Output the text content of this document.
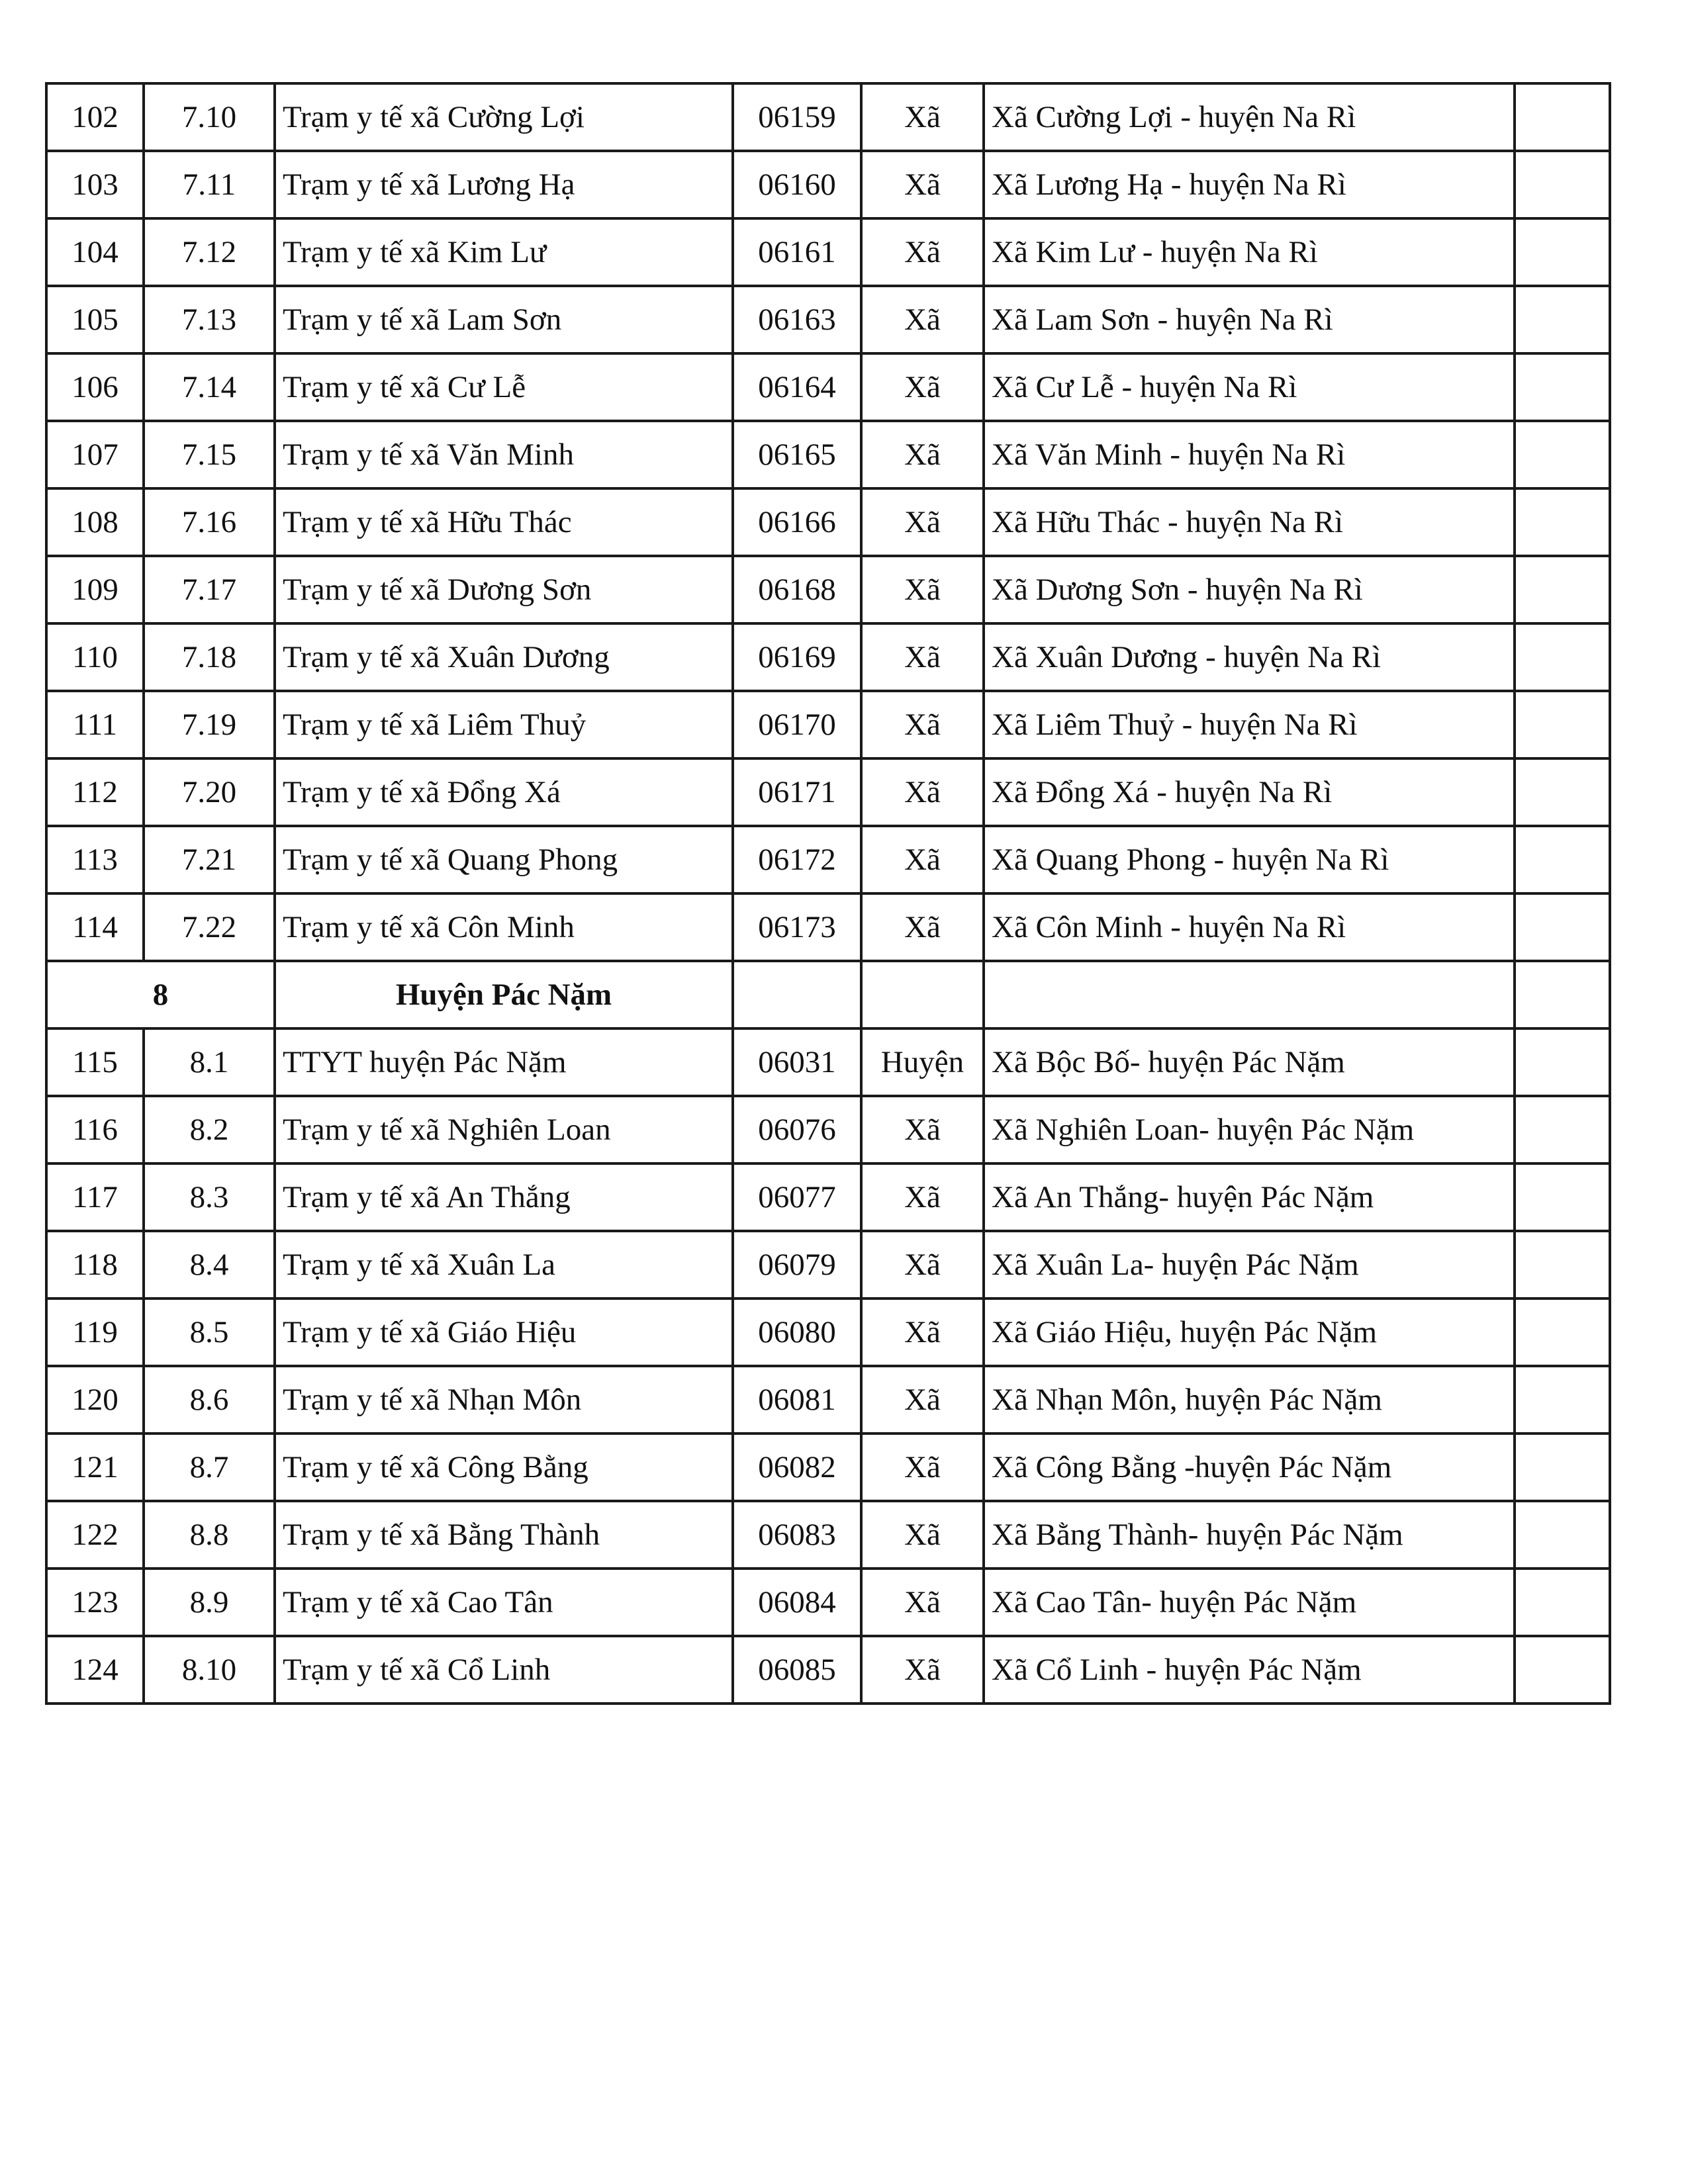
102	7.10	Trạm y tế xã Cường Lợi	06159	Xã	Xã Cường Lợi - huyện Na Rì	
103	7.11	Trạm y tế xã Lương Hạ	06160	Xã	Xã Lương Hạ - huyện Na Rì	
104	7.12	Trạm y tế xã Kim Lư	06161	Xã	Xã Kim Lư - huyện Na Rì	
105	7.13	Trạm y tế xã Lam Sơn	06163	Xã	Xã Lam Sơn - huyện Na Rì	
106	7.14	Trạm y tế xã Cư Lễ	06164	Xã	Xã Cư Lễ - huyện Na Rì	
107	7.15	Trạm y tế xã Văn Minh	06165	Xã	Xã Văn Minh - huyện Na Rì	
108	7.16	Trạm y tế xã Hữu Thác	06166	Xã	Xã Hữu Thác - huyện Na Rì	
109	7.17	Trạm y tế xã Dương Sơn	06168	Xã	Xã Dương Sơn - huyện Na Rì	
110	7.18	Trạm y tế xã Xuân Dương	06169	Xã	Xã Xuân Dương - huyện Na Rì	
111	7.19	Trạm y tế xã Liêm Thuỷ	06170	Xã	Xã Liêm Thuỷ - huyện Na Rì	
112	7.20	Trạm y tế xã Đổng Xá	06171	Xã	Xã Đổng Xá - huyện Na Rì	
113	7.21	Trạm y tế xã Quang Phong	06172	Xã	Xã Quang Phong - huyện Na Rì	
114	7.22	Trạm y tế xã Côn Minh	06173	Xã	Xã Côn Minh - huyện Na Rì	
8		Huyện Pác Nặm				
115	8.1	TTYT huyện Pác Nặm	06031	Huyện	Xã Bộc Bố- huyện Pác Nặm	
116	8.2	Trạm y tế xã Nghiên Loan	06076	Xã	Xã Nghiên Loan- huyện Pác Nặm	
117	8.3	Trạm y tế xã An Thắng	06077	Xã	Xã An Thắng- huyện Pác Nặm	
118	8.4	Trạm y tế xã Xuân La	06079	Xã	Xã Xuân La- huyện Pác Nặm	
119	8.5	Trạm y tế xã Giáo Hiệu	06080	Xã	Xã Giáo Hiệu, huyện Pác Nặm	
120	8.6	Trạm y tế xã Nhạn Môn	06081	Xã	Xã Nhạn Môn, huyện Pác Nặm	
121	8.7	Trạm y tế xã Công Bằng	06082	Xã	Xã Công Bằng -huyện Pác Nặm	
122	8.8	Trạm y tế xã Bằng Thành	06083	Xã	Xã Bằng Thành- huyện Pác Nặm	
123	8.9	Trạm y tế xã Cao Tân	06084	Xã	Xã Cao Tân- huyện Pác Nặm	
124	8.10	Trạm y tế xã Cổ Linh	06085	Xã	Xã Cổ Linh - huyện Pác Nặm	
